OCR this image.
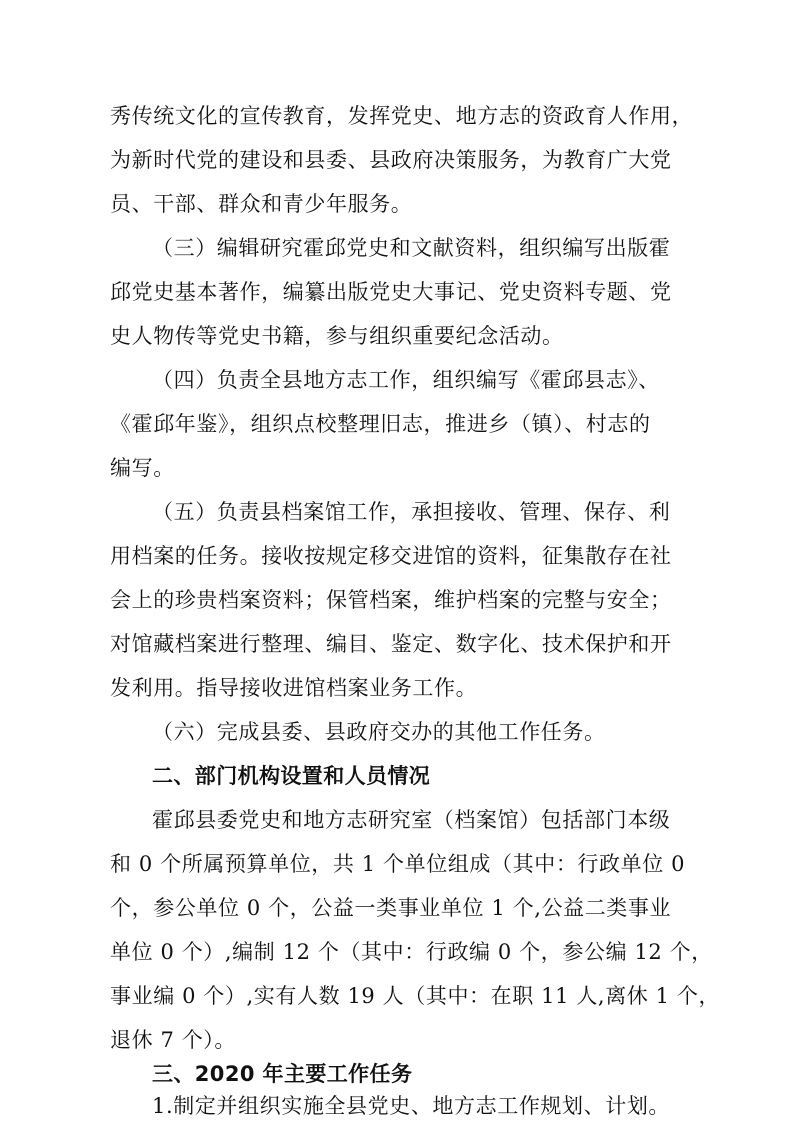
秀传统文化的宣传教育，发挥党史、地方志的资政育人作用，
为新时代党的建设和县委、县政府决策服务，为教育广大党
员、干部、群众和青少年服务。
（三）编辑研究霍邱党史和文献资料，组织编写出版霍
邱党史基本著作，编纂出版党史大事记、党史资料专题、党
史人物传等党史书籍，参与组织重要纪念活动。
（四）负责全县地方志工作，组织编写《霍邱县志》、
《霍邱年鉴》，组织点校整理旧志，推进乡（镇）、村志的
编写。
（五）负责县档案馆工作，承担接收、管理、保存、利
用档案的任务。接收按规定移交进馆的资料，征集散存在社
会上的珍贵档案资料；保管档案，维护档案的完整与安全；
对馆藏档案进行整理、编目、鉴定、数字化、技术保护和开
发利用。指导接收进馆档案业务工作。
（六）完成县委、县政府交办的其他工作任务。
二、部门机构设置和人员情况
霍邱县委党史和地方志研究室（档案馆）包括部门本级
和 0 个所属预算单位，共 1 个单位组成（其中：行政单位 0
个，参公单位 0 个，公益一类事业单位 1 个,公益二类事业
单位 0 个）,编制 12 个（其中：行政编 0 个，参公编 12 个，
事业编 0 个）,实有人数 19 人（其中：在职 11 人,离休 1 个，
退休 7 个）。
三、2020 年主要工作任务
1.制定并组织实施全县党史、地方志工作规划、计划。
